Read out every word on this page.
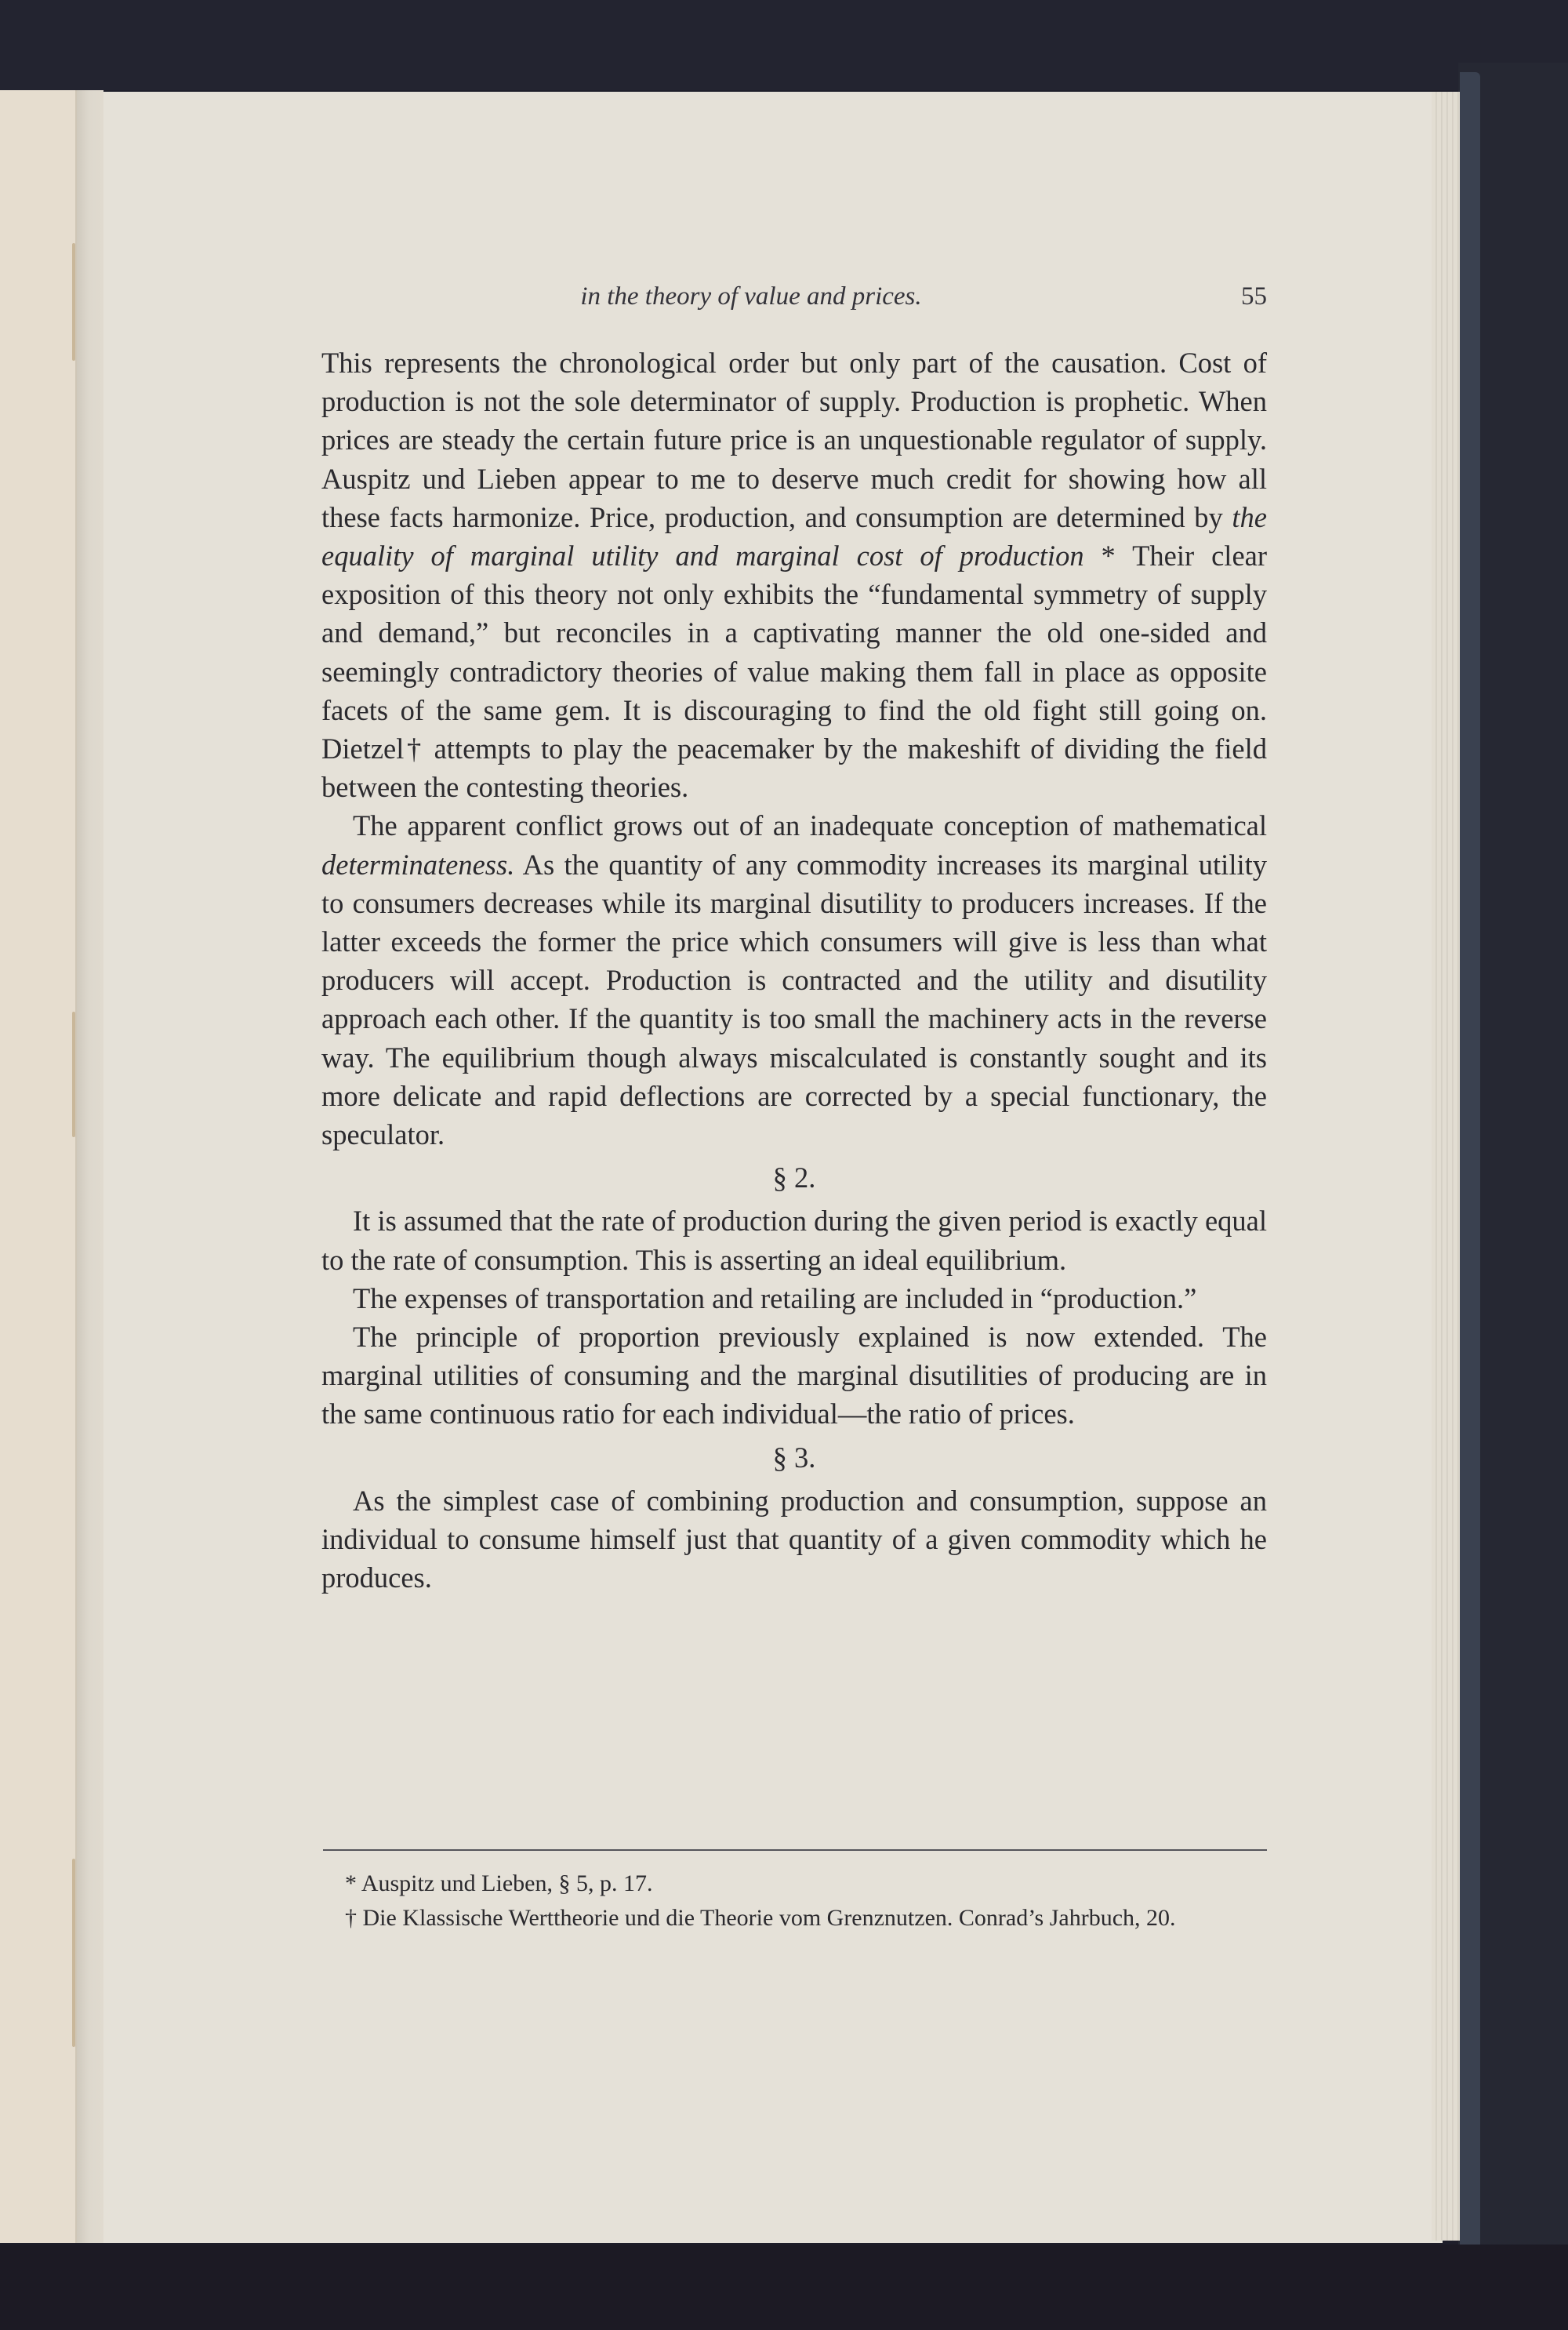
in the theory of value and prices.	55

This represents the chronological order but only part of the causation. Cost of production is not the sole determinator of supply. Production is prophetic. When prices are steady the certain future price is an unquestionable regulator of supply. Auspitz und Lieben appear to me to deserve much credit for showing how all these facts harmonize. Price, production, and consumption are determined by the equality of marginal utility and marginal cost of production * Their clear exposition of this theory not only exhibits the “fundamental symmetry of supply and demand,” but reconciles in a captivating manner the old one-sided and seemingly contradictory theories of value making them fall in place as opposite facets of the same gem. It is discouraging to find the old fight still going on. Dietzel† attempts to play the peacemaker by the makeshift of dividing the field between the contesting theories.

The apparent conflict grows out of an inadequate conception of mathematical determinateness. As the quantity of any commodity increases its marginal utility to consumers decreases while its marginal disutility to producers increases. If the latter exceeds the former the price which consumers will give is less than what producers will accept. Production is contracted and the utility and disutility approach each other. If the quantity is too small the machinery acts in the reverse way. The equilibrium though always miscalculated is constantly sought and its more delicate and rapid deflections are corrected by a special functionary, the speculator.

§ 2.

It is assumed that the rate of production during the given period is exactly equal to the rate of consumption. This is asserting an ideal equilibrium.

The expenses of transportation and retailing are included in “production.”

The principle of proportion previously explained is now extended. The marginal utilities of consuming and the marginal disutilities of producing are in the same continuous ratio for each individual—the ratio of prices.

§ 3.

As the simplest case of combining production and consumption, suppose an individual to consume himself just that quantity of a given commodity which he produces.

* Auspitz und Lieben, § 5, p. 17.

† Die Klassische Werttheorie und die Theorie vom Grenznutzen. Conrad’s Jahrbuch, 20.
